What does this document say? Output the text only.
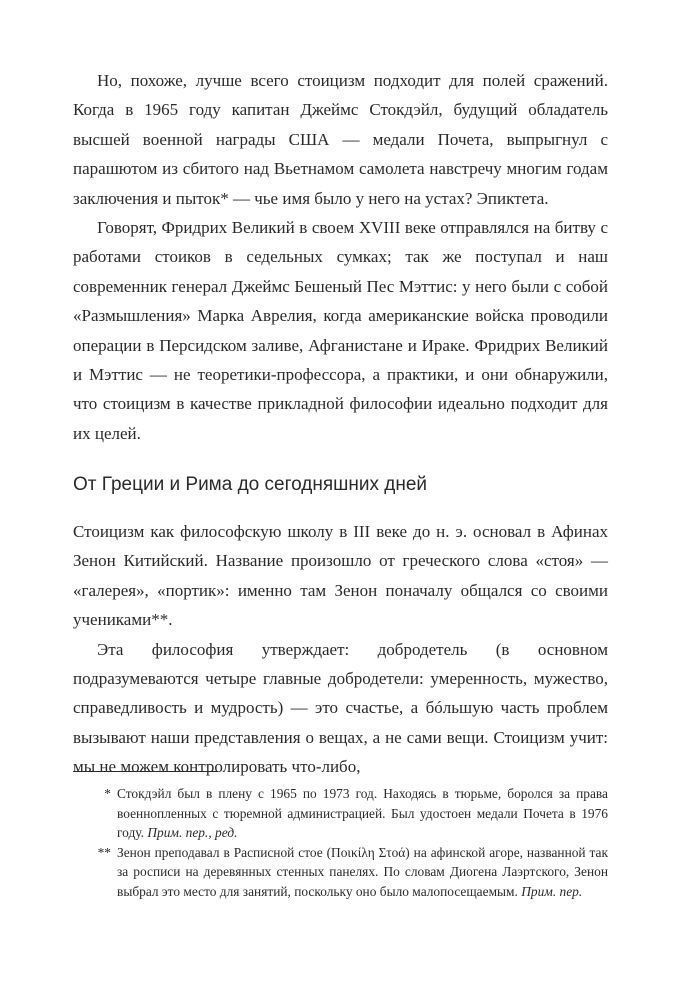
Но, похоже, лучше всего стоицизм подходит для полей сражений. Когда в 1965 году капитан Джеймс Стокдэйл, будущий обладатель высшей военной награды США — медали Почета, выпрыгнул с парашютом из сбитого над Вьетнамом самолета навстречу многим годам заключения и пыток* — чье имя было у него на устах? Эпиктета.

Говорят, Фридрих Великий в своем XVIII веке отправлялся на битву с работами стоиков в седельных сумках; так же поступал и наш современник генерал Джеймс Бешеный Пес Мэттис: у него были с собой «Размышления» Марка Аврелия, когда американские войска проводили операции в Персидском заливе, Афганистане и Ираке. Фридрих Великий и Мэттис — не теоретики-профессора, а практики, и они обнаружили, что стоицизм в качестве прикладной философии идеально подходит для их целей.

От Греции и Рима до сегодняшних дней

Стоицизм как философскую школу в III веке до н. э. основал в Афинах Зенон Китийский. Название произошло от греческого слова «стоя» — «галерея», «портик»: именно там Зенон поначалу общался со своими учениками**.

Эта философия утверждает: добродетель (в основном подразумеваются четыре главные добродетели: умеренность, мужество, справедливость и мудрость) — это счастье, а бóльшую часть проблем вызывают наши представления о вещах, а не сами вещи. Стоицизм учит: мы не можем контролировать что-либо,

* Стокдэйл был в плену с 1965 по 1973 год. Находясь в тюрьме, боролся за права военнопленных с тюремной администрацией. Был удостоен медали Почета в 1976 году. Прим. пер., ред.
** Зенон преподавал в Расписной стое (Ποικίλη Στοά) на афинской агоре, названной так за росписи на деревянных стенных панелях. По словам Диогена Лаэртского, Зенон выбрал это место для занятий, поскольку оно было малопосещаемым. Прим. пер.
